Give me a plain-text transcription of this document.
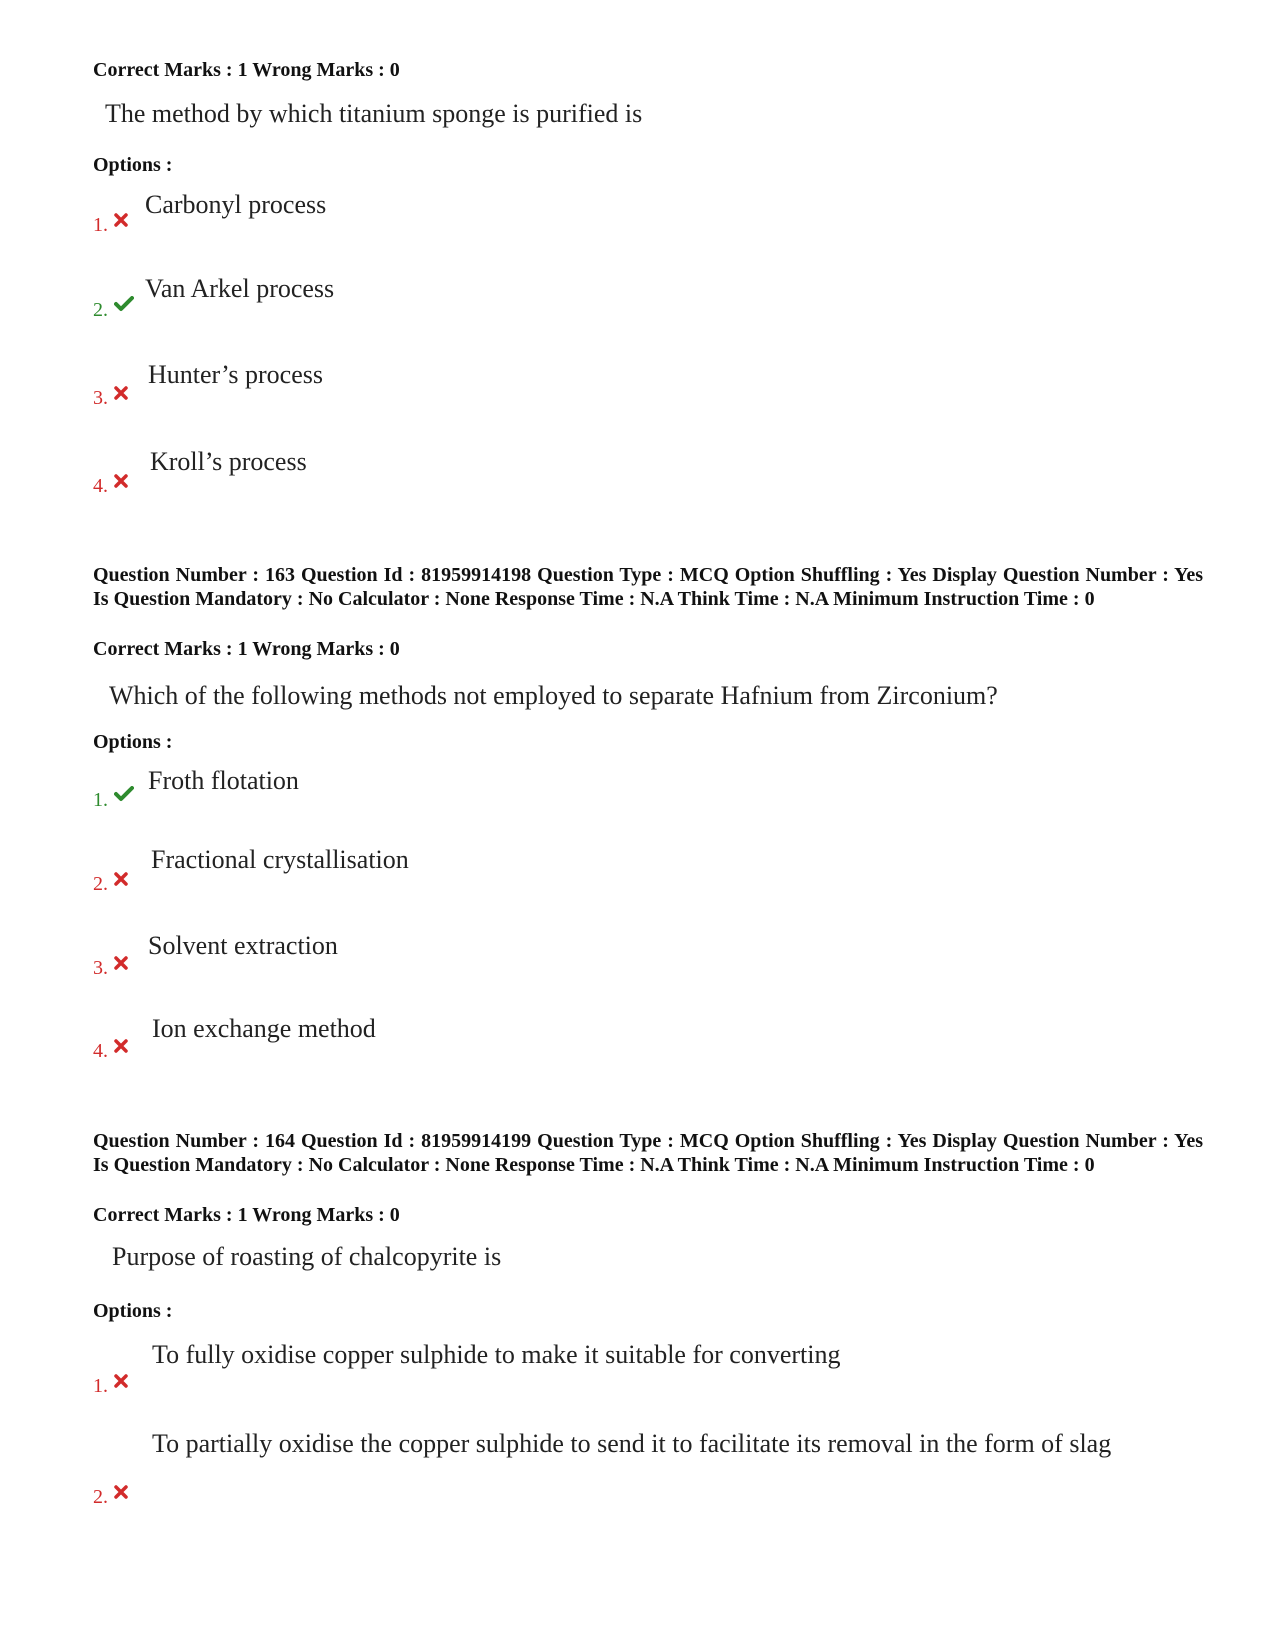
Correct Marks : 1 Wrong Marks : 0

The method by which titanium sponge is purified is

Options :
1.

Carbonyl process

2.

Van Arkel process

3.

Hunter’s process

4.

Kroll’s process

Question Number : 163 Question Id : 81959914198 Question Type : MCQ Option Shuffling : Yes Display Question Number : Yes Is Question Mandatory : No Calculator : None Response Time : N.A Think Time : N.A Minimum Instruction Time : 0
Correct Marks : 1 Wrong Marks : 0

Which of the following methods not employed to separate Hafnium from Zirconium?

Options :
1.

Froth flotation

2.

Fractional crystallisation

3.

Solvent extraction

4.

Ion exchange method

Question Number : 164 Question Id : 81959914199 Question Type : MCQ Option Shuffling : Yes Display Question Number : Yes Is Question Mandatory : No Calculator : None Response Time : N.A Think Time : N.A Minimum Instruction Time : 0
Correct Marks : 1 Wrong Marks : 0

Purpose of roasting of chalcopyrite is

Options :
1.

To fully oxidise copper sulphide to make it suitable for converting

2.

To partially oxidise the copper sulphide to send it to facilitate its removal in the form of slag
